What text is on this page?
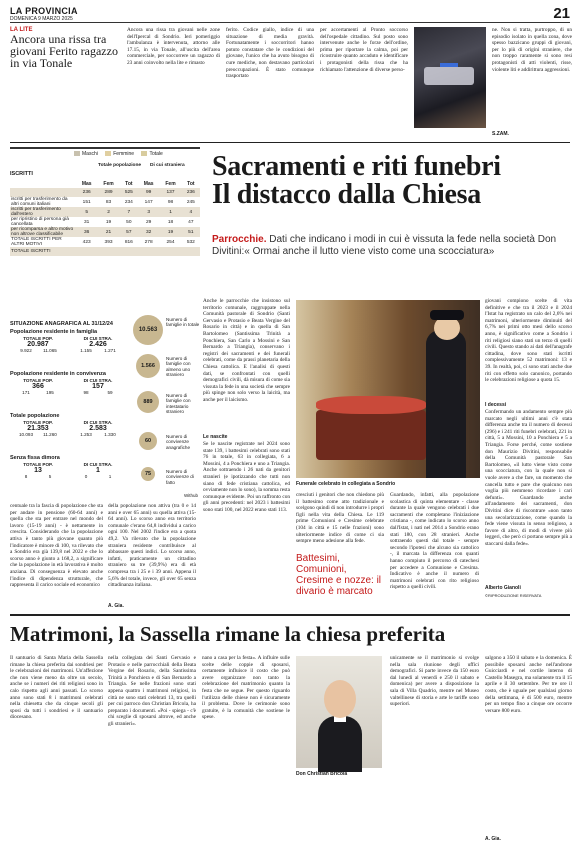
LA PROVINCIA
DOMENICA 9 MARZO 2025	21
LA LITE
Ancora una rissa tra giovani Ferito ragazzo in via Tonale
Ancora una rissa tra giovani nelle zone dell'Ipercal di Sondrio. Ieri pomeriggio l'ambulanza è intervenuta, attorno alle 17.15, in via Tonale, all'uscita dell'area commerciale, per soccorrere un ragazzo di 23 anni coinvolto nella lite e rimasto
ferito. Codice giallo, indice di una situazione di media gravità. Fortunatamente i soccorritori hanno potuto constatare che le condizioni del giovane, l'unico che ha avuto bisogno di cure mediche, non destavano particolari preoccupazioni. È stato comunque trasportato
per accertamenti al Pronto soccorso dell'ospedale cittadino. Sul posto sono intervenute anche le forze dell'ordine, prima per riportare la calma, poi per ricostruire quanto accaduto e identificare i protagonisti della rissa che ha richiamato l'attenzione di diverse perso-
ne. Non si tratta, purtroppo, di un episodio isolato in quella zona, dove spesso bazzicano gruppi di giovani, per lo più di origini straniere, che non troppo raramente si sono resi protagonisti di atti violenti, risse, violente liti e addirittura aggressioni.
S.ZAM.
Maschi	Femmine	Totale
ISCRITTI
Totale popolazione	Di cui straniera
	Mas	Fem	Tot	Mas	Fem	Tot
	236	289	525	99	137	236
iscritti per trasferimento da altri comuni italiani	151	83	234	147	98	245
iscritti per trasferimento dall'estero	5	2	7	3	1	4
per ripristino di persona già cancellata	31	19	50	29	18	47
per ricomparsa e altro motivo non altrove classificabile	36	21	57	32	19	51
TOTALE ISCRITTI PER ALTRI MOTIVI	423	393	816	278	254	532
TOTALE ISCRITTI						
SITUAZIONE ANAGRAFICA AL 31/12/24
Popolazione residente in famiglia
TOTALE POP.
20.987
9.922 11.065
DI CUI STRA.
2.426
1.155	1.271
Popolazione residente in convivenza
TOTALE POP.
366
171	195
DI CUI STRA.
157
98	59
Totale popolazione
TOTALE POP.
21.353
10.093 11.260
DI CUI STRA.
2.583
1.253	1.330
Senza fissa dimora
TOTALE POP.
13
8	5
DI CUI STRA.
1
0	1
10.563
Numero di famiglie in totale
1.566
Numero di famiglie con almeno uno straniero
889
Numero di famiglie con intestatario straniero
60
Numero di convivenze anagrafiche
75	Numero di convivenze di fatto
Withub
Sacramenti e riti funebri
Il distacco dalla Chiesa
Parrocchie. Dati che indicano i modi in cui è vissuta la fede nella società Don Divitini:« Ormai anche il lutto viene visto come una scocciatura»
Anche le parrocchie che insistono sul territorio comunale, raggruppate nella Comunità pastorale di Sondrio (Santi Gervasio e Protasio e Beata Vergine del Rosario in città) e in quella di San Bartolomeo (Santissima Trinità a Ponchiera, San Carlo a Mossini e San Bernardo a Triangia), conservano i registri dei sacramenti e dei funerali celebrati, come da prassi planetaria della Chiesa cattolica. E l'analisi di questi dati, se confrontati con quelli demografici civili, dà misura di come sia vissuta la fede in una società che sempre più spinge non solo verso la laicità, ma anche per il laicismo.
Le nascite
Se le nascite registrate nel 2024 sono state 139, i battesimi celebrati sono stati 76 in totale, 63 in collegiata, 6 a Mossini, 4 a Ponchiera e uno a Triangia. Anche sottraendo i 26 nati da genitori stranieri (e ipotizzando che tutti non siano di fede cristiana cattolica, ed ovviamente non lo sono), la somma resta comunque evidente. Poi un raffronto con gli anni precedenti: nel 2023 i battesimi sono stati 100, nel 2022 erano stati 113.
Funerale celebrato in collegiata a Sondrio
giovani compiono scelte di vita definitive e che tra il 2023 e il 2024 l'Istat ha registrato un calo del 2,6% nei matrimoni, ulteriormente diminuiti del 6,7% nei primi otto mesi dello scorso anno, è significativo come a Sondrio i riti religiosi siano stati un terzo di quelli civili. Questo stando ai dati dell'anagrafe cittadina, dove sono stati iscritti complessivamente 52 matrimoni: 13 e 39. In realtà, poi, ci sono stati anche due riti con effetto solo canonico, portando le celebrazioni religiose a quota 15.
I decessi
Confermando un andamento sempre più marcato negli ultimi anni c'è stata differenza anche tra il numero di decessi (296) e i 241 riti funebri celebrati, 221 in città, 5 a Mossini, 10 a Ponchiera e 5 a Triangia. Forse perché, come sostiene don Maurizio Divitini, responsabile della Comunità pastorale San Bartolomeo, «il lutto viene visto come una scocciatura, con la quale non si vuole avere a che fare, un momento che cancella tutto e pare che qualcuno non voglia più nemmeno ricordare i cari defunti». Guardando anche all'andamento dei sacramenti, don Divitini dice di riscontrare «non tanto una secolarizzazione, come quando la fede viene vissuta in senso religioso, a favore di altro, di modi di vivere più leggeri, che però ci portano sempre più a staccarsi dalla fede».
Alberto Gianoli
©RIPRODUZIONE RISERVATA
cresciuti i genitori che non chiedono più il battesimo come atto tradizionale e scelgono quindi di non introdurre i propri figli nella vita della Chiesa. Le 119 prime Comunioni e Cresime celebrate (104 in città e 15 nelle frazioni) sono ulteriormente indice di come ci sia sempre meno adesione alla fede.
Battesimi, Comunioni, Cresime e nozze: il divario è marcato
Guardando, infatti, alla popolazione scolastica di quinta elementare - classe durante la quale vengono celebrati i due sacramenti che completano l'iniziazione cristiana -, come indicato lo scorso anno dall'Istat, i nati nel 2014 a Sondrio erano stati 180, con 28 stranieri. Anche sottraendo questi dal totale - sempre secondo l'ipotesi che alcuno sia cattolico -, il marcata la differenza con quanti hanno compiuto il percorso di catechesi per accedere a Comunione e Cresima. Indicativo è anche il numero di matrimoni celebrati con rito religioso rispetto a quelli civili.
centuale tra la fascia di popolazione che sta per andare in pensione (60-64 anni) e quella che sta per entrare nel mondo del lavoro (15-19 anni) - è nettamente in crescita. Considerando che la popolazione attiva è tanto più giovane quanto più l'indicatore è minore di 100, va rilevato che a Sondrio era già 139,8 nel 2022 e che lo scorso anno è giunto a 168,2, a significare che la popolazione in età lavorativa è molto anziana. Di conseguenza è elevato anche l'indice di dipendenza strutturale, che rappresenta il carico sociale ed economico
della popolazione non attiva (tra 0 e 14 anni e over 65 anni) su quella attiva (15-64 anni). Lo scorso anno era territorio comunale c'erano 64,8 individui a carico ogni 100. Nel 2002 l'indice era a quota 49,2. Va rilevato che la popolazione straniera residente contribuisce al abbassare questi indici. Lo scorso anno, infatti, praticamente un cittadino straniero su tre (39,9%) era di età compresa tra i 25 e i 39 anni. Appena il 5,6% del totale, invece, gli over 65 senza cittadinanza italiana.
A. Gia.
Matrimoni, la Sassella rimane la chiesa preferita
Il santuario di Santa Maria della Sassella rimane la chiesa preferita dai sondriesi per le celebrazioni dei matrimoni. Un'affezione che non viene meno da oltre un secolo, anche se i numeri dei riti religiosi sono in calo rispetto agli anni passati. Lo scorso anno sono stati 8 i matrimoni celebrati nella chiesetta che da cinque secoli gli sposi da tutti i sondriesi e il santuario diocesano.
nella collegiata dei Santi Gervasio e Protasio e nelle parrocchiali della Beata Vergine del Rosario, della Santissima Trinità a Ponchiera e di San Bernardo a Triangia. Se nelle frazioni sono stati appena quattro i matrimoni religiosi, in città ne sono stati celebrati 13, tra quelli per cui parroco don Christian Bricola, ha preparato i documenti. «Poi - spiega - c'è chi sceglie di sposarsi altrove, ed anche gli stranieri».
nano a casa per la festa». A influire sulle scelte delle coppie di sposarsi, certamente influisce il costo che può avere organizzare non tanto la celebrazione del matrimonio quanto la festa che ne segue. Per questo riguardo l'utilizzo delle chiese non è sicuramente il problema. Dove le cerimonie sono gratuite, è la comunità che sostiene le spese.
Don Christian Bricola
unicamente se il matrimonio si svolge nella sala riunione degli uffici demografici. Si parte invece da 150 euro dal lunedì al venerdì e 250 il sabato e domenica) per avere a disposizione la sala di Villa Quadrio, mentre nel Museo valtellinese di storia e arte le tariffe sono superiori.
salgono a 350 il sabato e la domenica. È possibile sposarsi anche nell'androne Guicciardi e nel cortile interno di Castello Masegra, ma solamente tra il 15 aprile e il 30 settembre. Per tre ore il costo, che è uguale per qualsiasi giorno della settimana, è di 500 euro, mentre per un tempo fino a cinque ore occorre versare 800 euro.
A. Gia.
